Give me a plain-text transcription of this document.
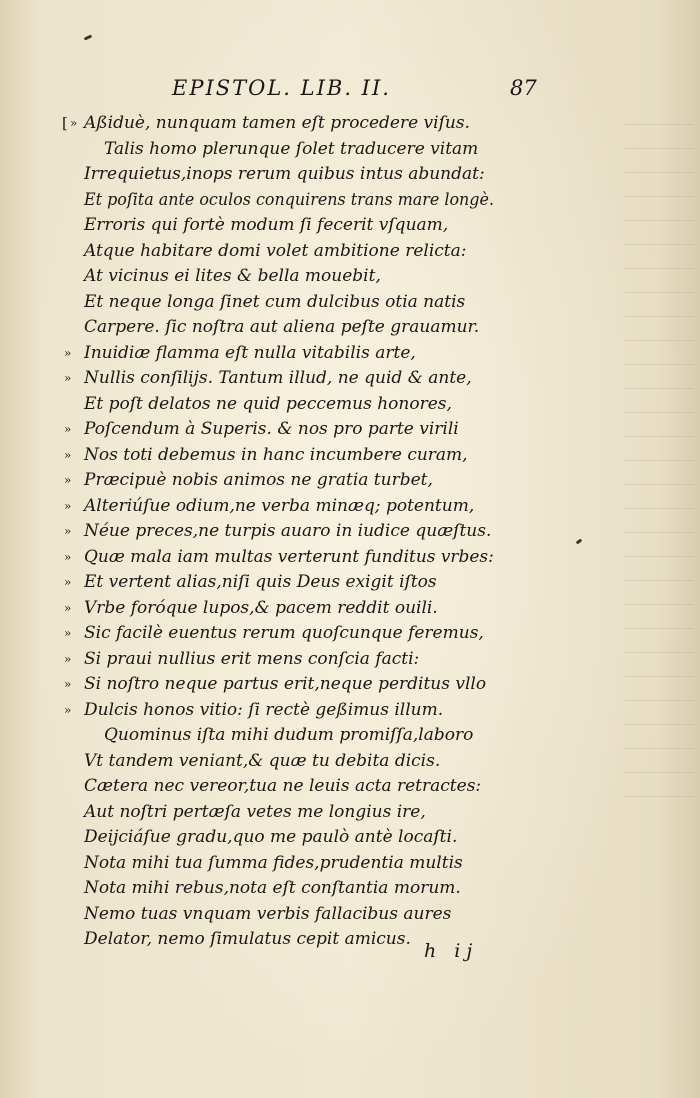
EPISTOL. LIB. II.	87
»
[ Aßiduè, nunquam tamen eſt procedere viſus.
Talis homo plerunque ſolet traducere vitam
Irrequietus,inops rerum quibus intus abundat:
Et poſita ante oculos conquirens trans mare longè.
Erroris qui fortè modum ſi fecerit vſquam,
Atque habitare domi volet ambitione relicta:
At vicinus ei lites & bella mouebit,
Et neque longa ſinet cum dulcibus otia natis
Carpere. ſic noſtra aut aliena peſte grauamur.
» Inuidiæ flamma eſt nulla vitabilis arte,
» Nullis conſilijs. Tantum illud, ne quid & ante,
Et poſt delatos ne quid peccemus honores,
» Poſcendum à Superis. & nos pro parte virili
» Nos toti debemus in hanc incumbere curam,
» Præcipuè nobis animos ne gratia turbet,
» Alteriúſue odium,ne verba minæq; potentum,
» Néue preces,ne turpis auaro in iudice quæſtus.
» Quæ mala iam multas verterunt funditus vrbes:
» Et vertent alias,niſi quis Deus exigit iſtos
» Vrbe foróque lupos,& pacem reddit ouili.
» Sic facilè euentus rerum quoſcunque feremus,
» Si praui nullius erit mens conſcia facti:
» Si noſtro neque partus erit,neque perditus vllo
» Dulcis honos vitio: ſi rectè geßimus illum.
Quominus iſta mihi dudum promiſſa,laboro
Vt tandem veniant,& quæ tu debita dicis.
Cætera nec vereor,tua ne leuis acta retractes:
Aut noſtri pertæſa vetes me longius ire,
Deijciáſue gradu,quo me paulò antè locaſti.
Nota mihi tua ſumma fides,prudentia multis
Nota mihi rebus,nota eſt conſtantia morum.
Nemo tuas vnquam verbis fallacibus aures
Delator, nemo ſimulatus cepit amicus.
h ij
